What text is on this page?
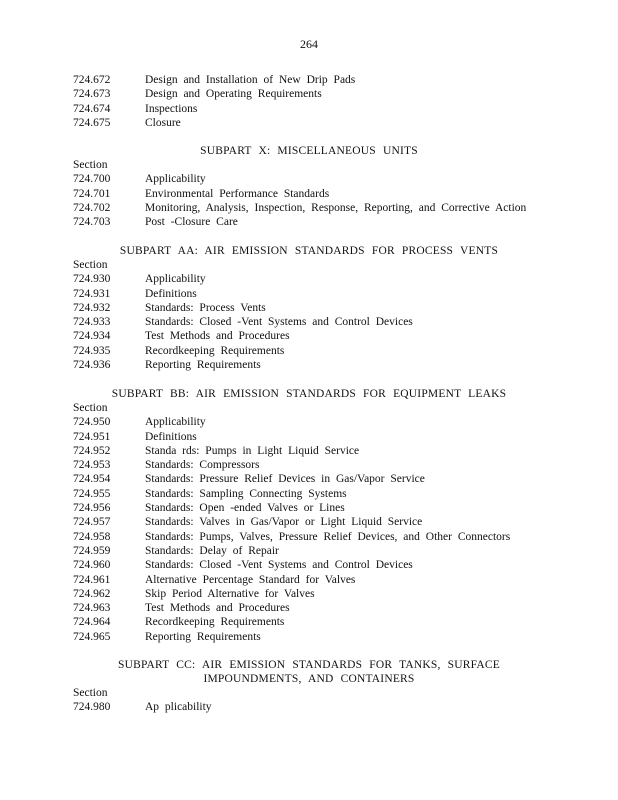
264
724.672	Design and Installation of New Drip Pads
724.673	Design and Operating Requirements
724.674	Inspections
724.675	Closure
SUBPART X: MISCELLANEOUS UNITS
Section
724.700	Applicability
724.701	Environmental Performance Standards
724.702	Monitoring, Analysis, Inspection, Response, Reporting, and Corrective Action
724.703	Post -Closure Care
SUBPART AA: AIR EMISSION STANDARDS FOR PROCESS VENTS
Section
724.930	Applicability
724.931	Definitions
724.932	Standards: Process Vents
724.933	Standards: Closed -Vent Systems and Control Devices
724.934	Test Methods and Procedures
724.935	Recordkeeping Requirements
724.936	Reporting Requirements
SUBPART BB: AIR EMISSION STANDARDS FOR EQUIPMENT LEAKS
Section
724.950	Applicability
724.951	Definitions
724.952	Standa rds: Pumps in Light Liquid Service
724.953	Standards: Compressors
724.954	Standards: Pressure Relief Devices in Gas/Vapor Service
724.955	Standards: Sampling Connecting Systems
724.956	Standards: Open -ended Valves or Lines
724.957	Standards: Valves in Gas/Vapor or Light Liquid Service
724.958	Standards: Pumps, Valves, Pressure Relief Devices, and Other Connectors
724.959	Standards: Delay of Repair
724.960	Standards: Closed -Vent Systems and Control Devices
724.961	Alternative Percentage Standard for Valves
724.962	Skip Period Alternative for Valves
724.963	Test Methods and Procedures
724.964	Recordkeeping Requirements
724.965	Reporting Requirements
SUBPART CC: AIR EMISSION STANDARDS FOR TANKS, SURFACE
IMPOUNDMENTS, AND CONTAINERS
Section
724.980	Ap plicability
